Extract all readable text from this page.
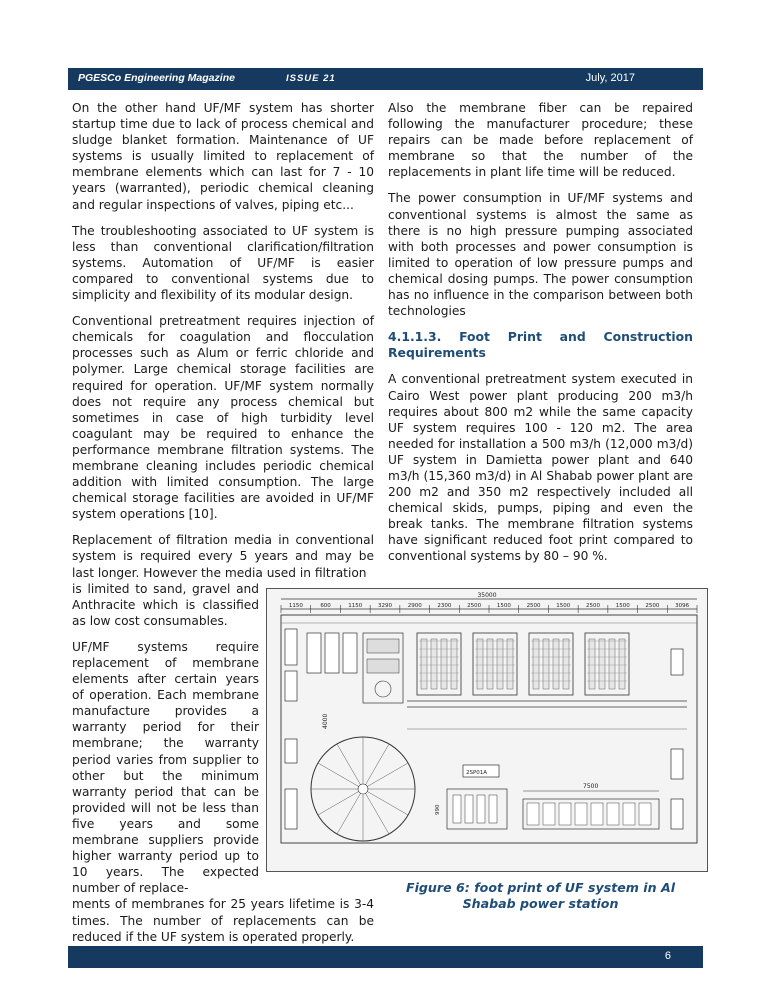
PGESCo Engineering Magazine	ISSUE 21	July, 2017

On the other hand UF/MF system has shorter startup time due to lack of process chemical and sludge blanket formation. Maintenance of UF systems is usually limited to replacement of membrane elements which can last for 7 - 10 years (warranted), periodic chemical cleaning and regular inspections of valves, piping etc...

The troubleshooting associated to UF system is less than conventional clarification/filtration systems. Automation of UF/MF is easier compared to conventional systems due to simplicity and flexibility of its modular design.

Conventional pretreatment requires injection of chemicals for coagulation and flocculation processes such as Alum or ferric chloride and polymer. Large chemical storage facilities are required for operation. UF/MF system normally does not require any process chemical but sometimes in case of high turbidity level coagulant may be required to enhance the performance membrane filtration systems. The membrane cleaning includes periodic chemical addition with limited consumption. The large chemical storage facilities are avoided in UF/MF system operations [10].

Replacement of filtration media in conventional system is required every 5 years and may be last longer. However the media used in filtration

is limited to sand, gravel and Anthracite which is classified as low cost consumables.

UF/MF systems require replacement of membrane elements after certain years of operation. Each membrane manufacture provides a warranty period for their membrane; the warranty period varies from supplier to other but the minimum warranty period that can be provided will not be less than five years and some membrane suppliers provide higher warranty period up to 10 years. The expected number of replace-

ments of membranes for 25 years lifetime is 3-4 times. The number of replacements can be reduced if the UF system is operated properly.

Also the membrane fiber can be repaired following the manufacturer procedure; these repairs can be made before replacement of membrane so that the number of the replacements in plant life time will be reduced.

The power consumption in UF/MF systems and conventional systems is almost the same as there is no high pressure pumping associated with both processes and power consumption is limited to operation of low pressure pumps and chemical dosing pumps. The power consumption has no influence in the comparison between both technologies

4.1.1.3. Foot Print and Construction Requirements

A conventional pretreatment system executed in Cairo West power plant producing 200 m3/h requires about 800 m2 while the same capacity UF system requires 100 - 120 m2. The area needed for installation a 500 m3/h (12,000 m3/d) UF system in Damietta power plant and 640 m3/h (15,360 m3/d) in Al Shabab power plant are 200 m2 and 350 m2 respectively included all chemical skids, pumps, piping and even the break tanks. The membrane filtration systems have significant reduced foot print compared to conventional systems by 80 – 90 %.

35000
1150	600	1150	3290	2900	2300	2500	1500	2500	1500	2500	1500	2500	3096
4000
2SP01A
990
7500
Figure 6: foot print of UF system in Al Shabab power station
6
